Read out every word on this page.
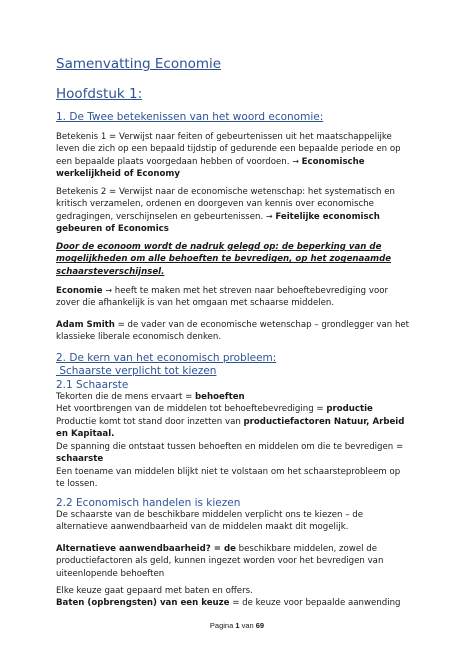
Samenvatting Economie
Hoofdstuk 1:
1. De Twee betekenissen van het woord economie:
Betekenis 1 = Verwijst naar feiten of gebeurtenissen uit het maatschappelijke
leven die zich op een bepaald tijdstip of gedurende een bepaalde periode en op
een bepaalde plaats voorgedaan hebben of voordoen. → Economische
werkelijkheid of Economy
Betekenis 2 = Verwijst naar de economische wetenschap: het systematisch en
kritisch verzamelen, ordenen en doorgeven van kennis over economische
gedragingen, verschijnselen en gebeurtenissen. → Feitelijke economisch
gebeuren of Economics
Door de econoom wordt de nadruk gelegd op: de beperking van de
mogelijkheden om alle behoeften te bevredigen, op het zogenaamde
schaarsteverschijnsel.
Economie → heeft te maken met het streven naar behoeftebevrediging voor
zover die afhankelijk is van het omgaan met schaarse middelen.
Adam Smith = de vader van de economische wetenschap – grondlegger van het
klassieke liberale economisch denken.
2. De kern van het economisch probleem:
Schaarste verplicht tot kiezen
2.1 Schaarste
Tekorten die de mens ervaart = behoeften
Het voortbrengen van de middelen tot behoeftebevrediging = productie
Productie komt tot stand door inzetten van productiefactoren Natuur, Arbeid
en Kapitaal.
De spanning die ontstaat tussen behoeften en middelen om die te bevredigen =
schaarste
Een toename van middelen blijkt niet te volstaan om het schaarsteprobleem op
te lossen.
2.2 Economisch handelen is kiezen
De schaarste van de beschikbare middelen verplicht ons te kiezen – de
alternatieve aanwendbaarheid van de middelen maakt dit mogelijk.
Alternatieve aanwendbaarheid? = de beschikbare middelen, zowel de
productiefactoren als geld, kunnen ingezet worden voor het bevredigen van
uiteenlopende behoeften
Elke keuze gaat gepaard met baten en offers.
Baten (opbrengsten) van een keuze = de keuze voor bepaalde aanwending
Pagina 1 van 69
